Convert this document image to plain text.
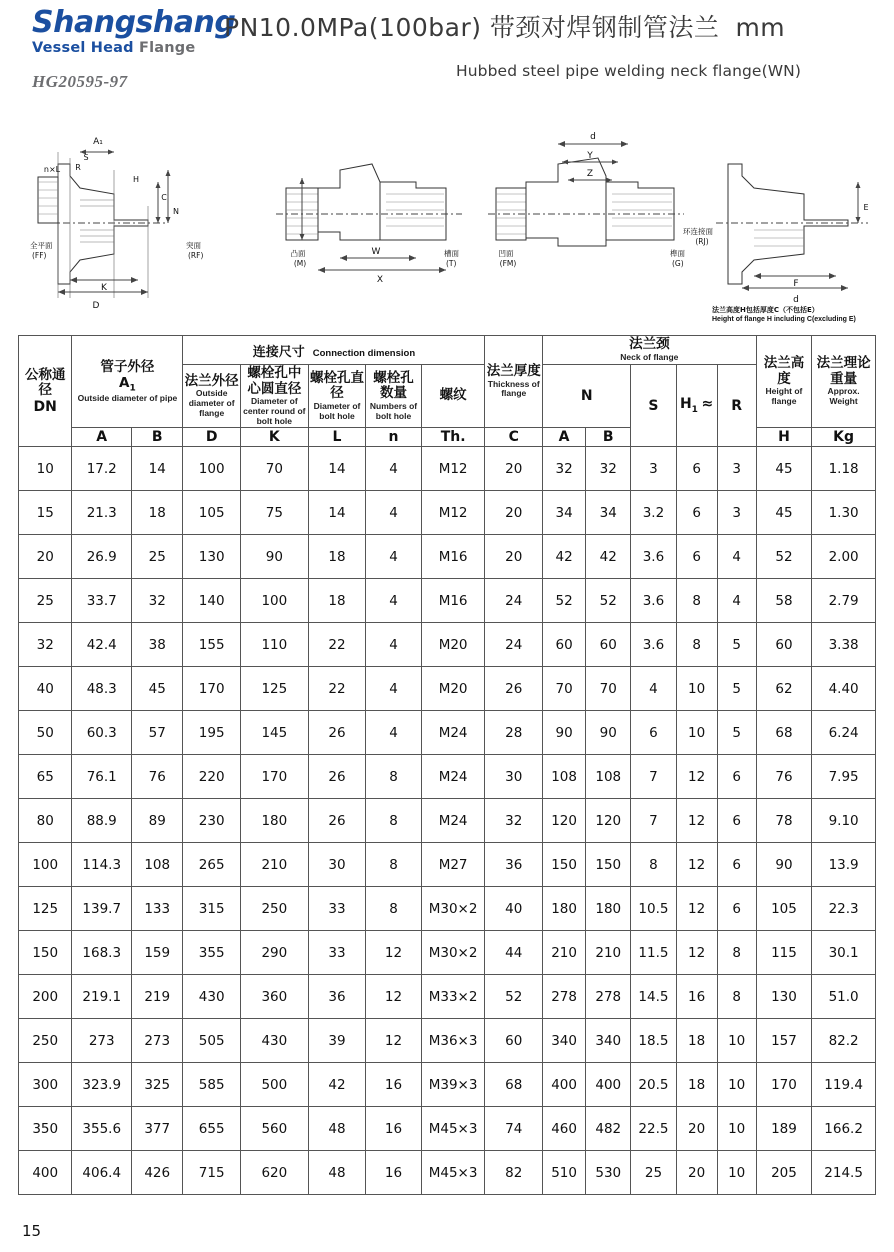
Shangshang
Vessel Head Flange
HG20595-97
PN10.0MPa(100bar) 带颈对焊钢制管法兰 mm
Hubbed steel pipe welding neck flange(WN)
D
K
A₁
n×L R
S
H
C
N
全平面
(FF)
突面
(RF)	W
X
凸面
(M)
槽面
(T)
d
Y
Z
凹面
(FM)
榫面
(G)
F
d
E
环连接面
(RJ)
法兰高度H包括厚度C（不包括E）
Height of flange H including C(excluding E)
公称通径
DN	管子外径
$A_1$
Outside diameter of pipe		连接尺寸 Connection dimension					法兰厚度
Thickness of flange	法兰颈
Neck of flange					法兰高度
Height of flange	法兰理论重量
Approx. Weight

			法兰外径
Outside diameter of flange	螺栓孔中心圆直径
Diameter of center round of bolt hole	螺栓孔直径
Diameter of bolt hole	螺栓孔数量
Numbers of bolt hole	螺纹		N		S	$H_1$ ≈	R		
	A	B	D	K	L	n	Th.	C	A	B				H	Kg
10	17.2	14	100	70	14	4	M12	20	32	32	3	6	3	45	1.18
15	21.3	18	105	75	14	4	M12	20	34	34	3.2	6	3	45	1.30
20	26.9	25	130	90	18	4	M16	20	42	42	3.6	6	4	52	2.00
25	33.7	32	140	100	18	4	M16	24	52	52	3.6	8	4	58	2.79
32	42.4	38	155	110	22	4	M20	24	60	60	3.6	8	5	60	3.38
40	48.3	45	170	125	22	4	M20	26	70	70	4	10	5	62	4.40
50	60.3	57	195	145	26	4	M24	28	90	90	6	10	5	68	6.24
65	76.1	76	220	170	26	8	M24	30	108	108	7	12	6	76	7.95
80	88.9	89	230	180	26	8	M24	32	120	120	7	12	6	78	9.10
100	114.3	108	265	210	30	8	M27	36	150	150	8	12	6	90	13.9
125	139.7	133	315	250	33	8	M30×2	40	180	180	10.5	12	6	105	22.3
150	168.3	159	355	290	33	12	M30×2	44	210	210	11.5	12	8	115	30.1
200	219.1	219	430	360	36	12	M33×2	52	278	278	14.5	16	8	130	51.0
250	273	273	505	430	39	12	M36×3	60	340	340	18.5	18	10	157	82.2
300	323.9	325	585	500	42	16	M39×3	68	400	400	20.5	18	10	170	119.4
350	355.6	377	655	560	48	16	M45×3	74	460	482	22.5	20	10	189	166.2
400	406.4	426	715	620	48	16	M45×3	82	510	530	25	20	10	205	214.5
15
